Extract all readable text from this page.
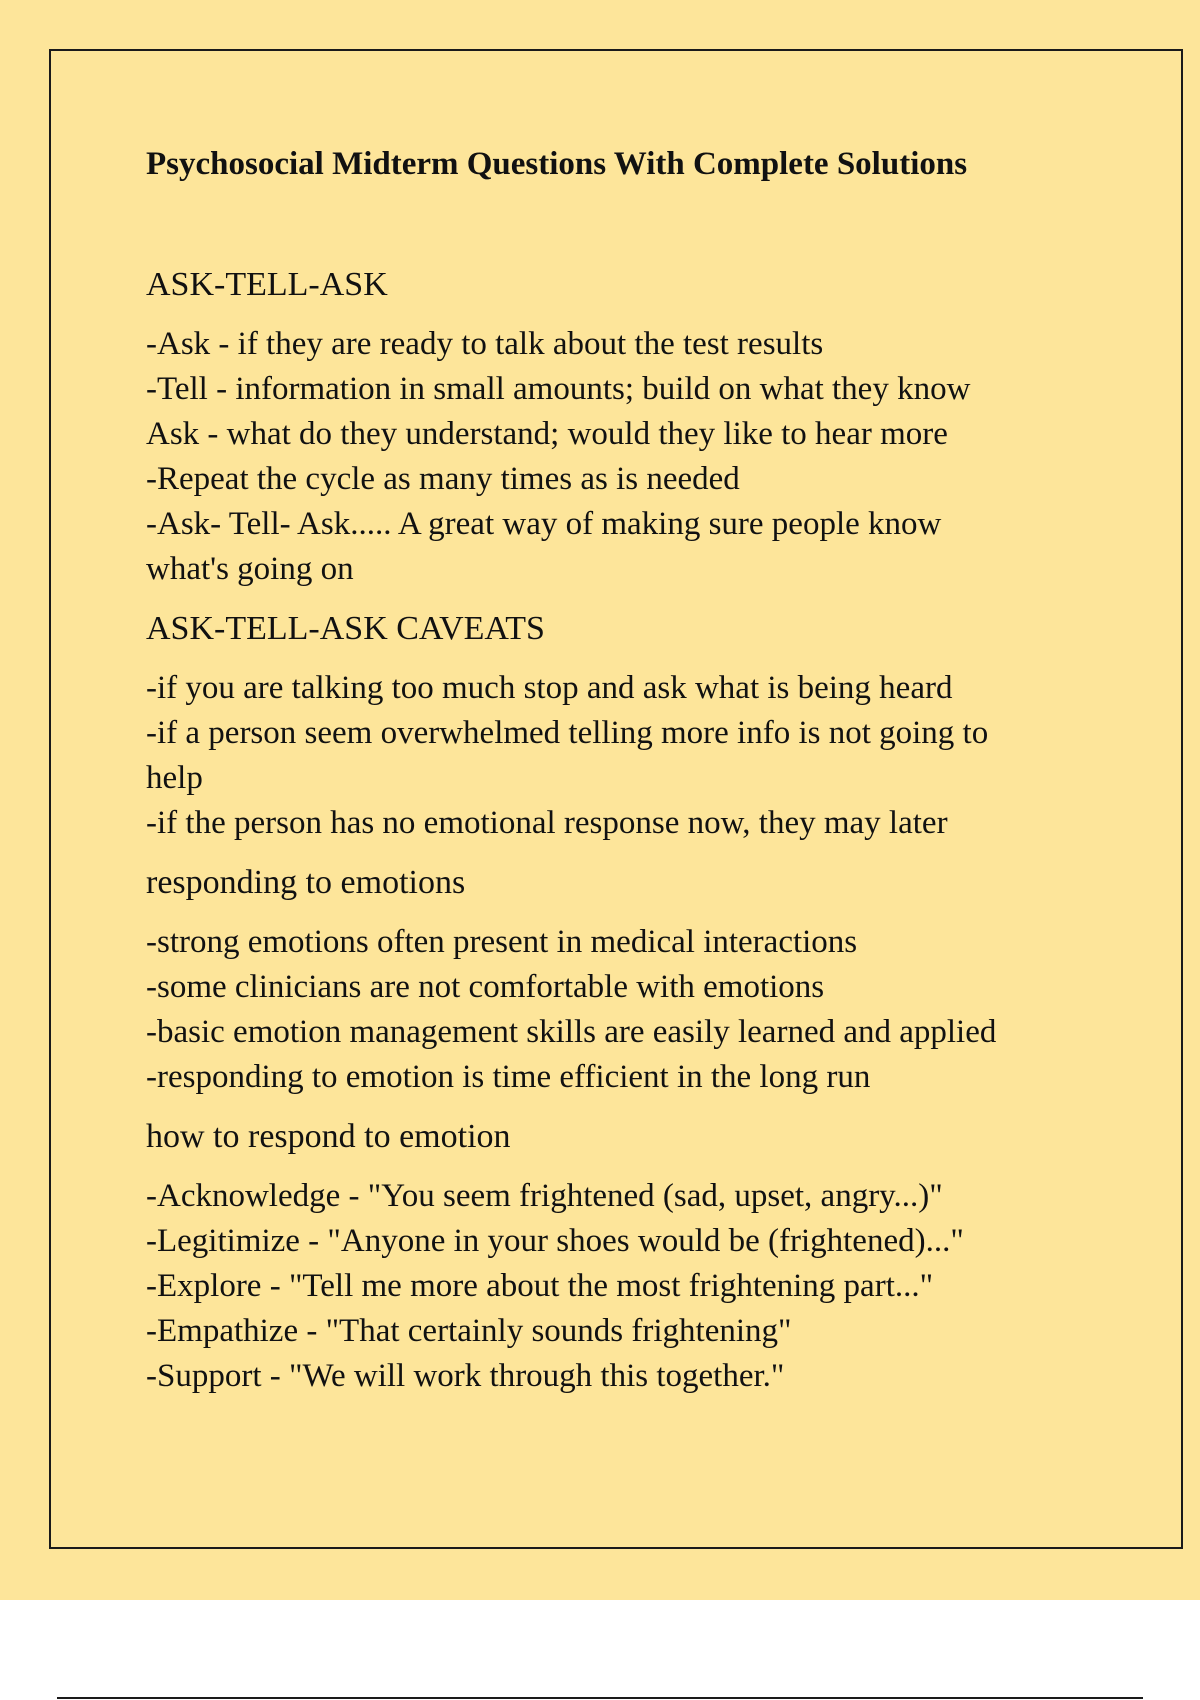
Psychosocial Midterm Questions With Complete Solutions
ASK-TELL-ASK
-Ask - if they are ready to talk about the test results
-Tell - information in small amounts; build on what they know
Ask - what do they understand; would they like to hear more
-Repeat the cycle as many times as is needed
-Ask- Tell- Ask..... A great way of making sure people know
what's going on
ASK-TELL-ASK CAVEATS
-if you are talking too much stop and ask what is being heard
-if a person seem overwhelmed telling more info is not going to
help
-if the person has no emotional response now, they may later
responding to emotions
-strong emotions often present in medical interactions
-some clinicians are not comfortable with emotions
-basic emotion management skills are easily learned and applied
-responding to emotion is time efficient in the long run
how to respond to emotion
-Acknowledge - "You seem frightened (sad, upset, angry...)"
-Legitimize - "Anyone in your shoes would be (frightened)..."
-Explore - "Tell me more about the most frightening part..."
-Empathize - "That certainly sounds frightening"
-Support - "We will work through this together."
